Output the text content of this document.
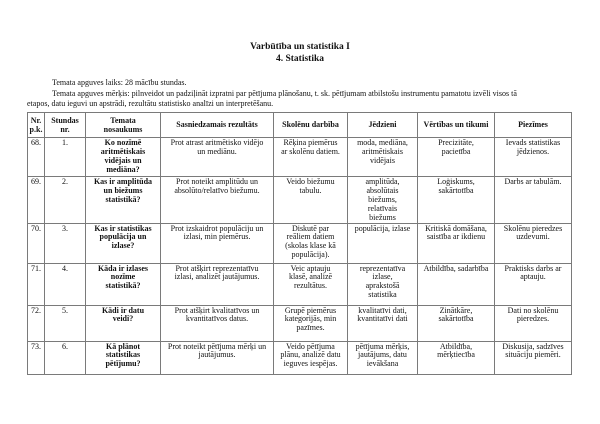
Varbūtība un statistika I
4. Statistika
Temata apguves laiks: 28 mācību stundas.
Temata apguves mērķis: pilnveidot un padziļināt izpratni par pētījuma plānošanu, t. sk. pētījumam atbilstošu instrumentu pamatotu izvēli visos tā
etapos, datu ieguvi un apstrādi, rezultātu statistisko analīzi un interpretēšanu.
Nr.
p.k.	Stundas
nr.	Temata
nosaukums	Sasniedzamais rezultāts	Skolēnu darbība	Jēdzieni	Vērtības un tikumi	Piezīmes
68.	1.	Ko nozīmē
aritmētiskais
vidējais un
mediāna?	Prot atrast aritmētisko vidējo
un mediānu.	Rēķina piemērus
ar skolēnu datiem.	moda, mediāna,
aritmētiskais
vidējais	Precizitāte,
pacietība	Ievads statistikas
jēdzienos.
69.	2.	Kas ir amplitūda
un biežums
statistikā?	Prot noteikt amplitūdu un
absolūto/relatīvo biežumu.	Veido biežumu
tabulu.	amplitūda,
absolūtais
biežums,
relatīvais
biežums	Loģiskums,
sakārtotība	Darbs ar tabulām.
70.	3.	Kas ir statistikas
populācija un
izlase?	Prot izskaidrot populāciju un
izlasi, min piemērus.	Diskutē par
reāliem datiem
(skolas klase kā
populācija).	populācija, izlase	Kritiskā domāšana,
saistība ar ikdienu	Skolēnu pieredzes
uzdevumi.
71.	4.	Kāda ir izlases
nozīme
statistikā?	Prot atšķirt reprezentatīvu
izlasi, analizēt jautājumus.	Veic aptauju
klasē, analizē
rezultātus.	reprezentatīva
izlase,
aprakstošā
statistika	Atbildība, sadarbība	Praktisks darbs ar
aptauju.
72.	5.	Kādi ir datu
veidi?	Prot atšķirt kvalitatīvos un
kvantitatīvos datus.	Grupē piemērus
kategorijās, min
pazīmes.	kvalitatīvi dati,
kvantitatīvi dati	Zinātkāre,
sakārtotība	Dati no skolēnu
pieredzes.
73.	6.	Kā plānot
statistikas
pētījumu?	Prot noteikt pētījuma mērķi un
jautājumus.	Veido pētījuma
plānu, analizē datu
ieguves iespējas.	pētījuma mērķis,
jautājums, datu
ievākšana	Atbildība,
mērķtiecība	Diskusija, sadzīves
situāciju piemēri.
